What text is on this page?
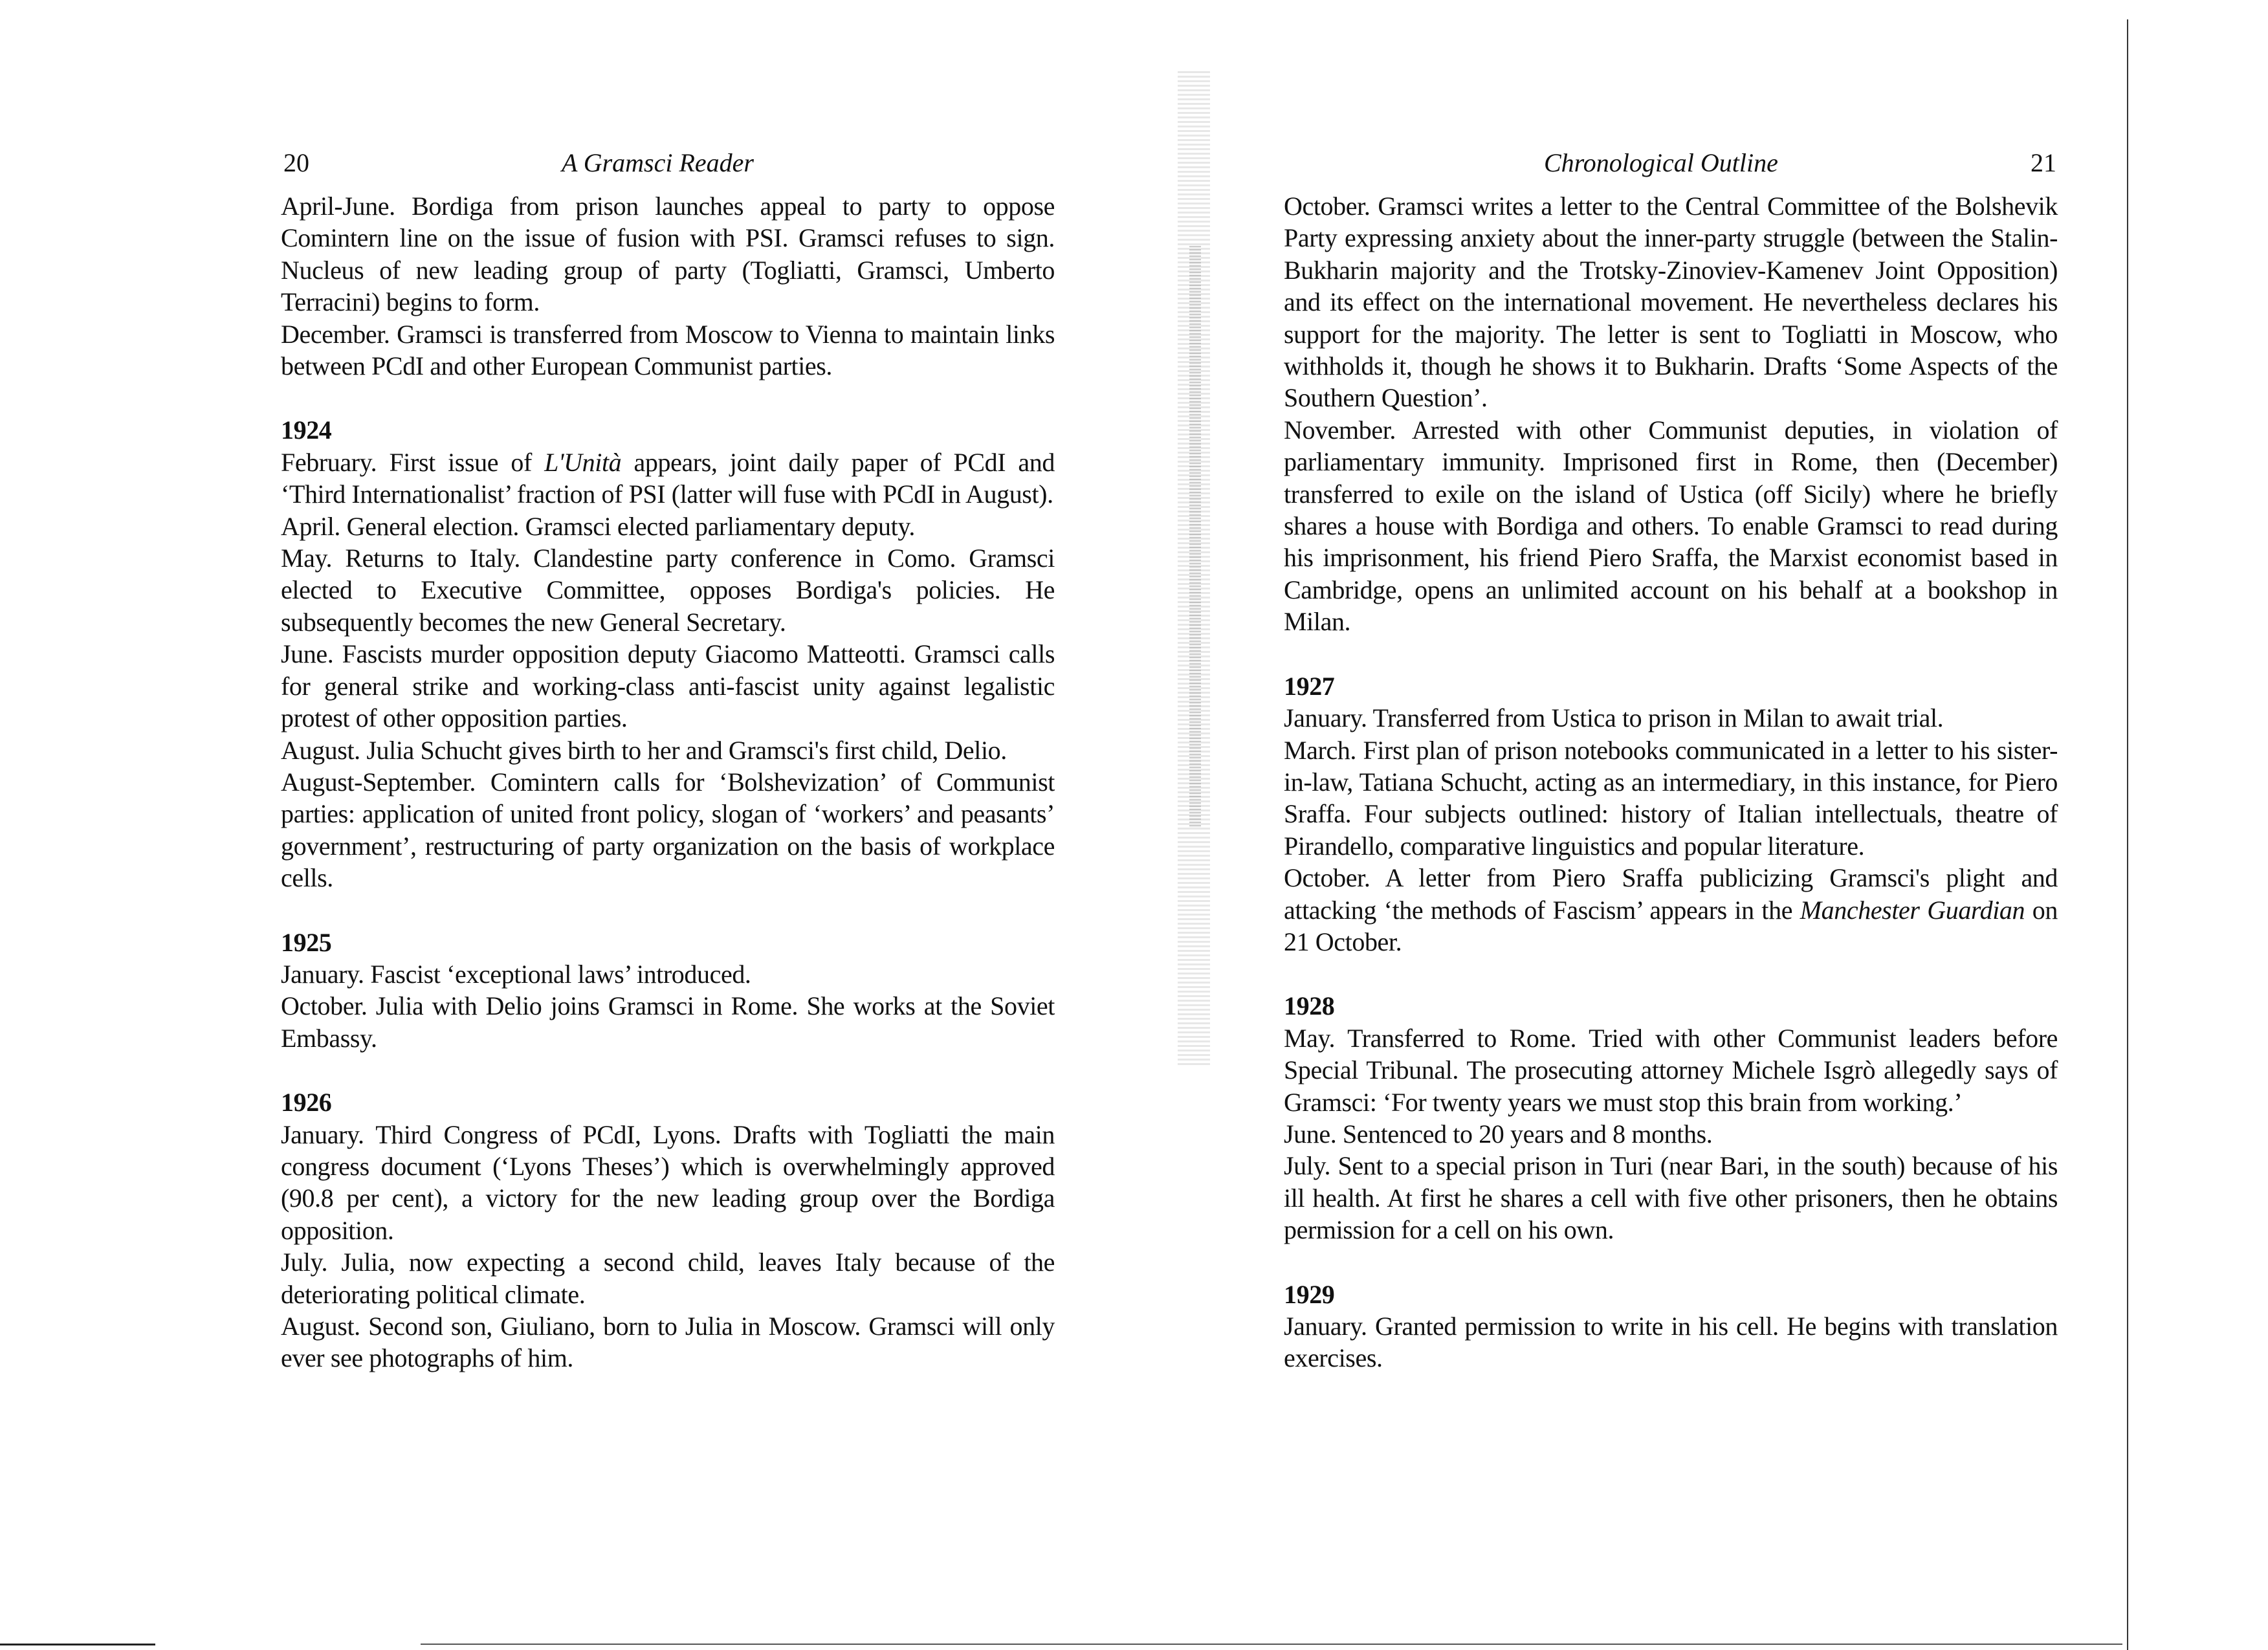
20	A Gramsci Reader

April-June. Bordiga from prison launches appeal to party to oppose Comintern line on the issue of fusion with PSI. Gramsci refuses to sign. Nucleus of new leading group of party (Togliatti, Gramsci, Umberto Terracini) begins to form.

December. Gramsci is transferred from Moscow to Vienna to maintain links between PCdI and other European Communist parties.

1924

February. First issue of L'Unità appears, joint daily paper of PCdI and ‘Third Internationalist’ fraction of PSI (latter will fuse with PCdI in August).

April. General election. Gramsci elected parliamentary deputy.

May. Returns to Italy. Clandestine party conference in Como. Gramsci elected to Executive Committee, opposes Bordiga's policies. He subsequently becomes the new General Secretary.

June. Fascists murder opposition deputy Giacomo Matteotti. Gramsci calls for general strike and working-class anti-fascist unity against legalistic protest of other opposition parties.

August. Julia Schucht gives birth to her and Gramsci's first child, Delio.

August-September. Comintern calls for ‘Bolshevization’ of Communist parties: application of united front policy, slogan of ‘workers’ and peasants’ government’, restructuring of party organization on the basis of workplace cells.

1925

January. Fascist ‘exceptional laws’ introduced.

October. Julia with Delio joins Gramsci in Rome. She works at the Soviet Embassy.

1926

January. Third Congress of PCdI, Lyons. Drafts with Togliatti the main congress document (‘Lyons Theses’) which is overwhelmingly approved (90.8 per cent), a victory for the new leading group over the Bordiga opposition.

July. Julia, now expecting a second child, leaves Italy because of the deteriorating political climate.

August. Second son, Giuliano, born to Julia in Moscow. Gramsci will only ever see photographs of him.

Chronological Outline	21

October. Gramsci writes a letter to the Central Committee of the Bolshevik Party expressing anxiety about the inner-party struggle (between the Stalin-Bukharin majority and the Trotsky-Zinoviev-Kamenev Joint Opposition) and its effect on the international movement. He nevertheless declares his support for the majority. The letter is sent to Togliatti in Moscow, who withholds it, though he shows it to Bukharin. Drafts ‘Some Aspects of the Southern Question’.

November. Arrested with other Communist deputies, in violation of parliamentary immunity. Imprisoned first in Rome, then (December) transferred to exile on the island of Ustica (off Sicily) where he briefly shares a house with Bordiga and others. To enable Gramsci to read during his imprisonment, his friend Piero Sraffa, the Marxist economist based in Cambridge, opens an unlimited account on his behalf at a bookshop in Milan.

1927

January. Transferred from Ustica to prison in Milan to await trial.

March. First plan of prison notebooks communicated in a letter to his sister-in-law, Tatiana Schucht, acting as an intermediary, in this instance, for Piero Sraffa. Four subjects outlined: history of Italian intellectuals, theatre of Pirandello, comparative linguistics and popular literature.

October. A letter from Piero Sraffa publicizing Gramsci's plight and attacking ‘the methods of Fascism’ appears in the Manchester Guardian on 21 October.

1928

May. Transferred to Rome. Tried with other Communist leaders before Special Tribunal. The prosecuting attorney Michele Isgrò allegedly says of Gramsci: ‘For twenty years we must stop this brain from working.’

June. Sentenced to 20 years and 8 months.

July. Sent to a special prison in Turi (near Bari, in the south) because of his ill health. At first he shares a cell with five other prisoners, then he obtains permission for a cell on his own.

1929

January. Granted permission to write in his cell. He begins with translation exercises.
